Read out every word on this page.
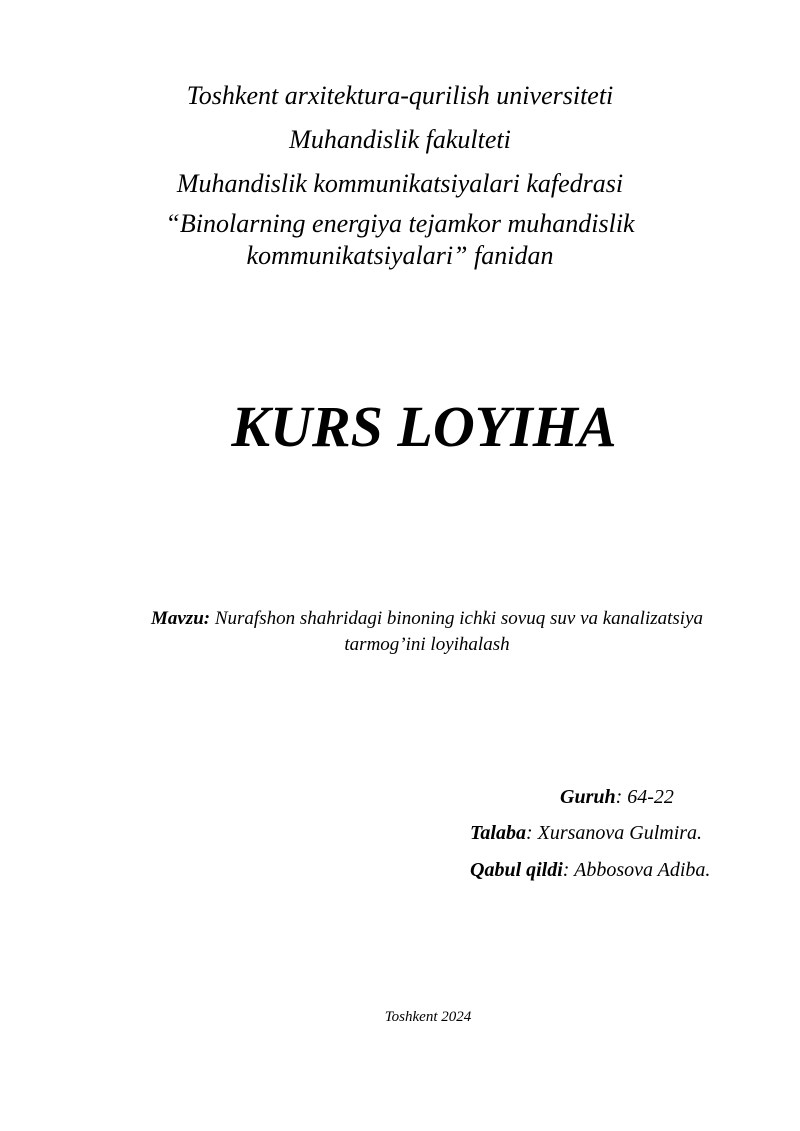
Toshkent arxitektura-qurilish universiteti
Muhandislik fakulteti
Muhandislik kommunikatsiyalari kafedrasi
“Binolarning energiya tejamkor muhandislik kommunikatsiyalari” fanidan
KURS LOYIHA
Mavzu: Nurafshon shahridagi binoning ichki sovuq suv va kanalizatsiya tarmog’ini loyihalash
Guruh: 64-22
Talaba: Xursanova Gulmira.
Qabul qildi: Abbosova Adiba.
Toshkent 2024
